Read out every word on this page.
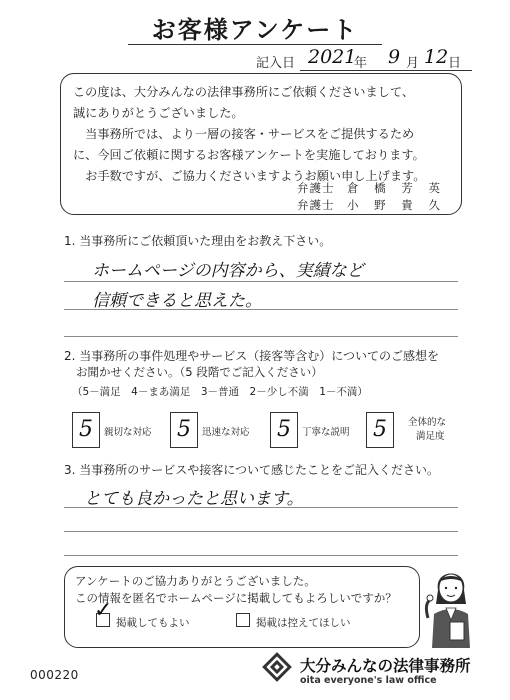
お客様アンケート
記入日 2021
年 9 月 12 日
この度は、大分みんなの法律事務所にご依頼くださいまして、
誠にありがとうございました。
　当事務所では、より一層の接客・サービスをご提供するため
に、今回ご依頼に関するお客様アンケートを実施しております。
　お手数ですが、ご協力くださいますようお願い申し上げます。
弁護士 倉 橋 芳 英
弁護士 小 野 貴 久
1. 当事務所にご依頼頂いた理由をお教え下さい。
ホームページの内容から、実績など
信頼できると思えた。
2. 当事務所の事件処理やサービス（接客等含む）についてのご感想を
お聞かせください。（5 段階でご記入ください）
（5－満足　4－まあ満足　3－普通　2－少し不満　1－不満）
5	親切な対応	5	迅速な対応	5	丁寧な説明	5	全体的な
満足度
3. 当事務所のサービスや接客について感じたことをご記入ください。
とても良かったと思います。
アンケートのご協力ありがとうございました。
この情報を匿名でホームページに掲載してもよろしいですか？
✓ 掲載してもよい	掲載は控えてほしい
000220	大分みんなの法律事務所
oita everyone's law office
